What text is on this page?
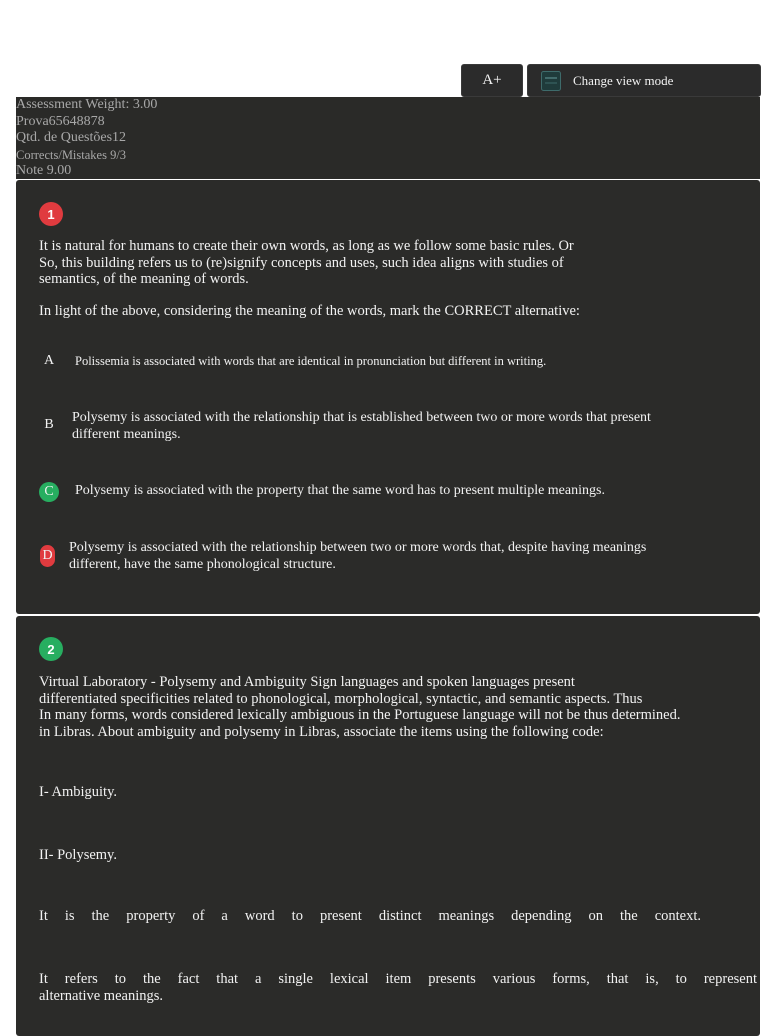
A+	Change view mode
Assessment Weight: 3.00
Prova65648878
Qtd. de Questões12
Corrects/Mistakes 9/3
Note 9.00
1
It is natural for humans to create their own words, as long as we follow some basic rules. Or
So, this building refers us to (re)signify concepts and uses, such idea aligns with studies of
semantics, of the meaning of words.
In light of the above, considering the meaning of the words, mark the CORRECT alternative:
A	Polissemia is associated with words that are identical in pronunciation but different in writing.
B	Polysemy is associated with the relationship that is established between two or more words that present
different meanings.
C	Polysemy is associated with the property that the same word has to present multiple meanings.
D
Polysemy is associated with the relationship between two or more words that, despite having meanings
different, have the same phonological structure.
2
Virtual Laboratory - Polysemy and Ambiguity Sign languages and spoken languages present
differentiated specificities related to phonological, morphological, syntactic, and semantic aspects. Thus
In many forms, words considered lexically ambiguous in the Portuguese language will not be thus determined.
in Libras. About ambiguity and polysemy in Libras, associate the items using the following code:
I- Ambiguity.
II- Polysemy.
It is the property of a word to present distinct meanings depending on the context.
It refers to the fact that a single lexical item presents various forms, that is, to represent
alternative meanings.
